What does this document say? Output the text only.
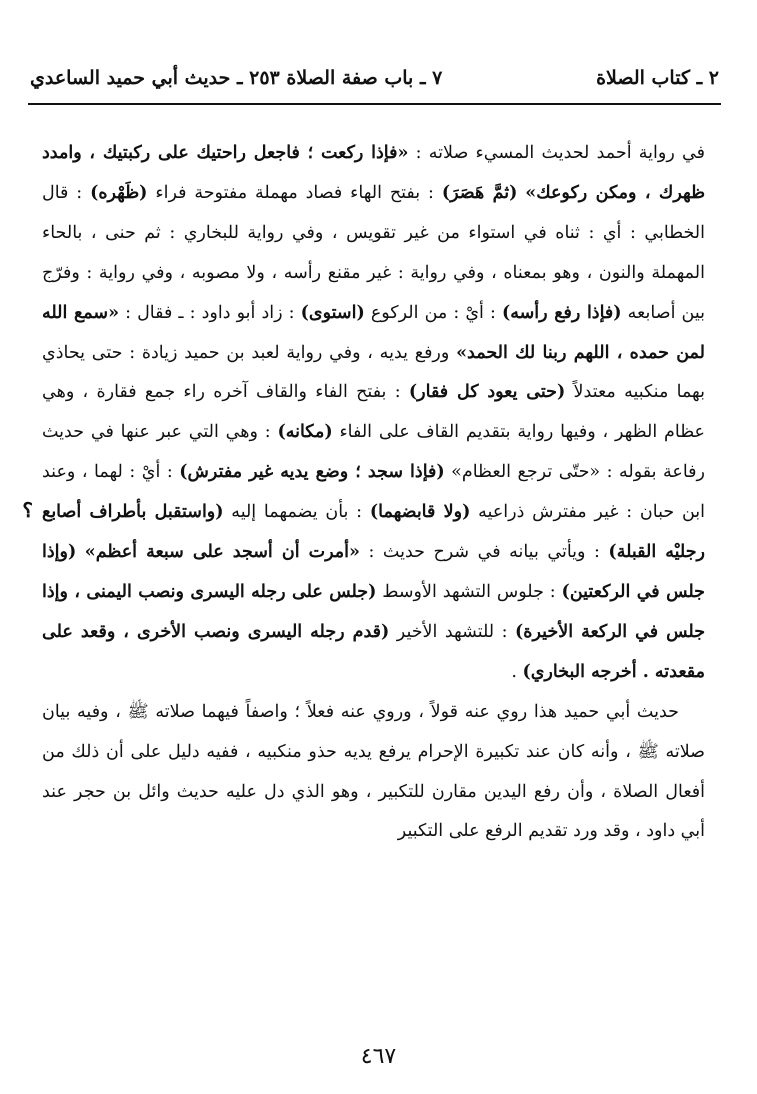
٢ ـ كتاب الصلاة
٧ ـ باب صفة الصلاة ٢٥٣ ـ حديث أبي حميد الساعدي

في رواية أحمد لحديث المسيء صلاته : «فإذا ركعت ؛ فاجعل راحتيك على ركبتيك ، وامدد ظهرك ، ومكن ركوعك» (ثمَّ هَصَرَ) : بفتح الهاء فصاد مهملة مفتوحة فراء (ظَهْره) : قال الخطابي : أي : ثناه في استواء من غير تقويس ، وفي رواية للبخاري : ثم حنى ، بالحاء المهملة والنون ، وهو بمعناه ، وفي رواية : غير مقنع رأسه ، ولا مصوبه ، وفي رواية : وفرّج بين أصابعه (فإذا رفع رأسه) : أيْ : من الركوع (استوى) : زاد أبو داود : ـ فقال : «سمع الله لمن حمده ، اللهم ربنا لك الحمد» ورفع يديه ، وفي رواية لعبد بن حميد زيادة : حتى يحاذي بهما منكبيه معتدلاً (حتى يعود كل فقار) : بفتح الفاء والقاف آخره راء جمع فقارة ، وهي عظام الظهر ، وفيها رواية بتقديم القاف على الفاء (مكانه) : وهي التي عبر عنها في حديث رفاعة بقوله : «حتّى ترجع العظام» (فإذا سجد ؛ وضع يديه غير مفترش) : أيْ : لهما ، وعند ابن حبان : غير مفترش ذراعيه (ولا قابضهما) : بأن يضمهما إليه (واستقبل بأطراف أصابع رجليْه القبلة) : ويأتي بيانه في شرح حديث : «أمرت أن أسجد على سبعة أعظم» (وإذا جلس في الركعتين) : جلوس التشهد الأوسط (جلس على رجله اليسرى ونصب اليمنى ، وإذا جلس في الركعة الأخيرة) : للتشهد الأخير (قدم رجله اليسرى ونصب الأخرى ، وقعد على مقعدته . أخرجه البخاري) .

حديث أبي حميد هذا روي عنه قولاً ، وروي عنه فعلاً ؛ واصفاً فيهما صلاته ﷺ ، وفيه بيان صلاته ﷺ ، وأنه كان عند تكبيرة الإحرام يرفع يديه حذو منكبيه ، ففيه دليل على أن ذلك من أفعال الصلاة ، وأن رفع اليدين مقارن للتكبير ، وهو الذي دل عليه حديث وائل بن حجر عند أبي داود ، وقد ورد تقديم الرفع على التكبير

؟
٤٦٧
